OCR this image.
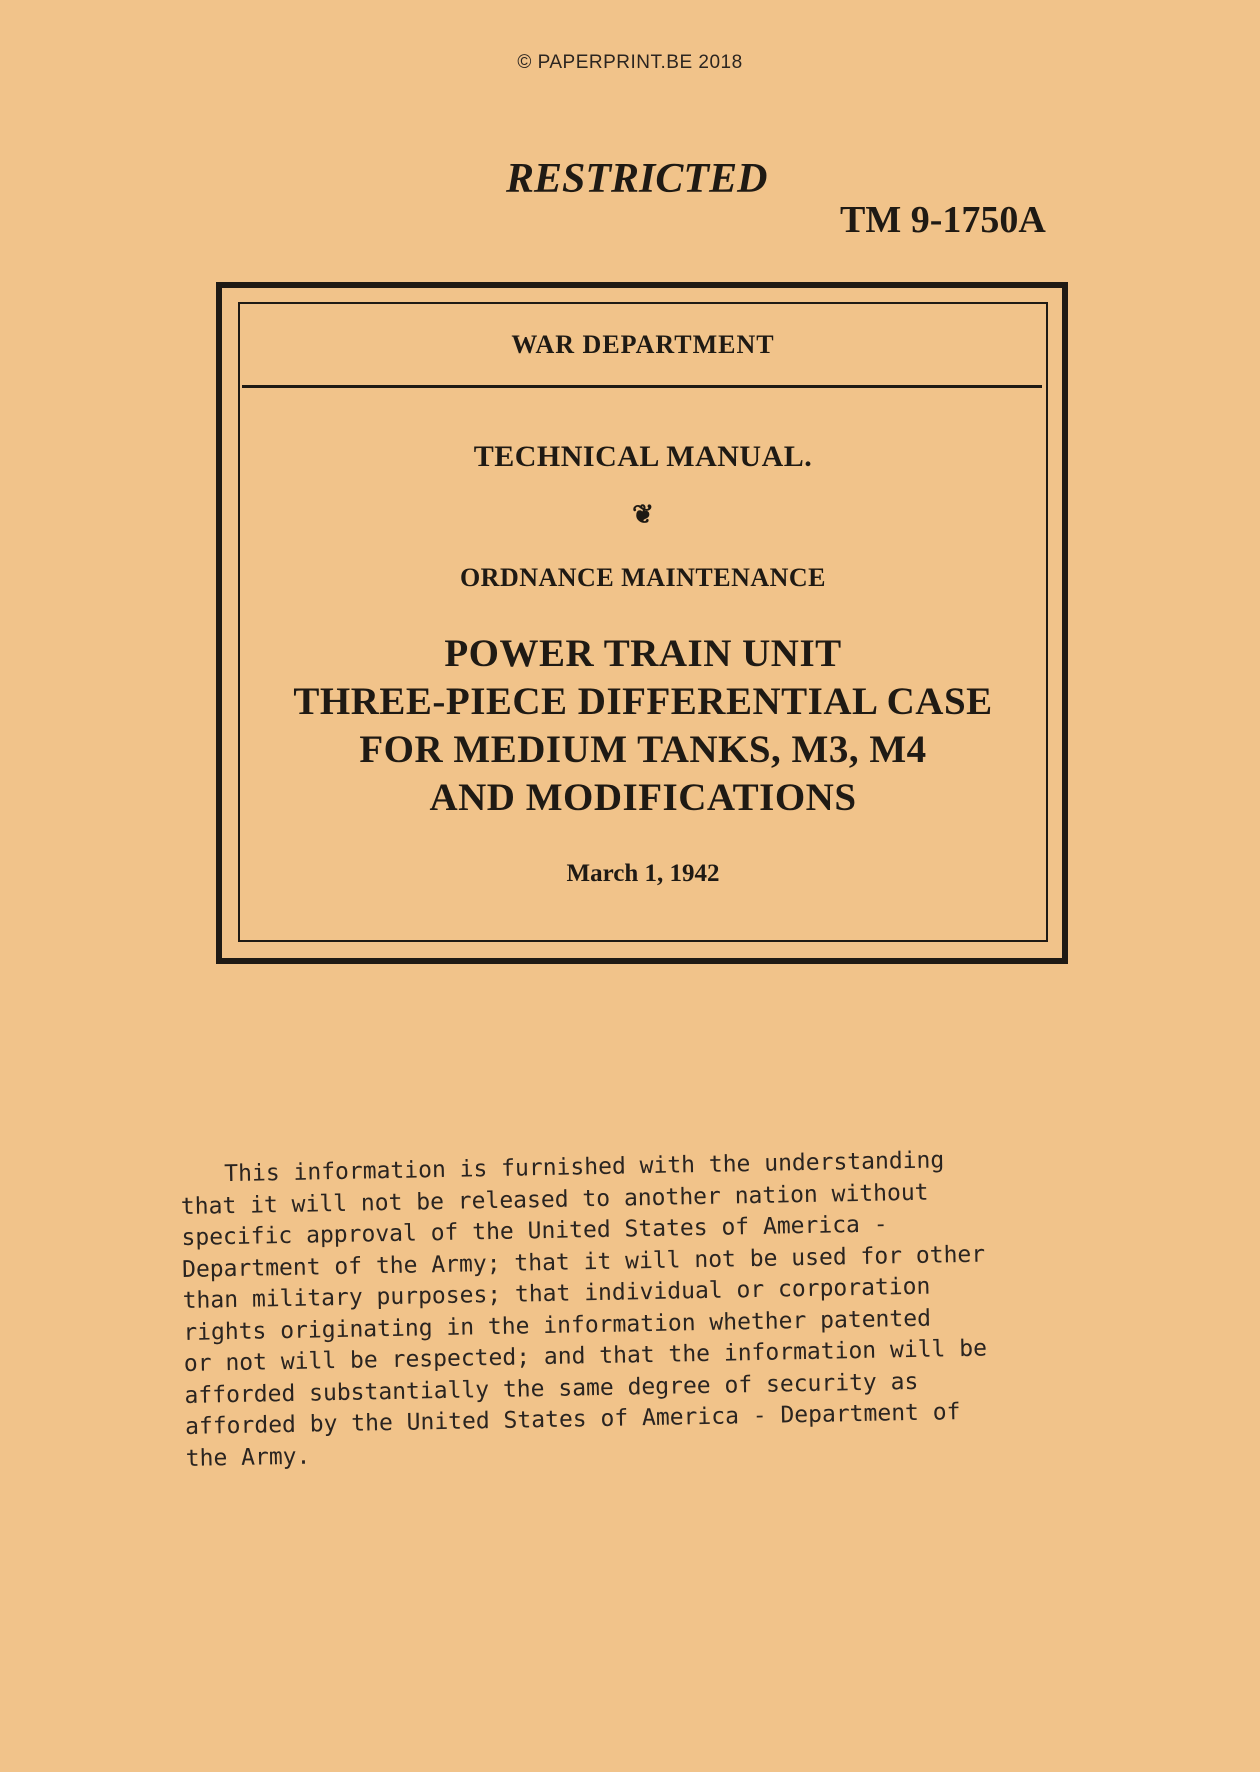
© PAPERPRINT.BE 2018
RESTRICTED
TM 9-1750A
WAR DEPARTMENT
TECHNICAL MANUAL.
❦
ORDNANCE MAINTENANCE
POWER TRAIN UNIT
THREE-PIECE DIFFERENTIAL CASE
FOR MEDIUM TANKS, M3, M4
AND MODIFICATIONS
March 1, 1942
This information is furnished with the understanding
that it will not be released to another nation without
specific approval of the United States of America -
Department of the Army; that it will not be used for other
than military purposes; that individual or corporation
rights originating in the information whether patented
or not will be respected; and that the information will be
afforded substantially the same degree of security as
afforded by the United States of America - Department of
the Army.
